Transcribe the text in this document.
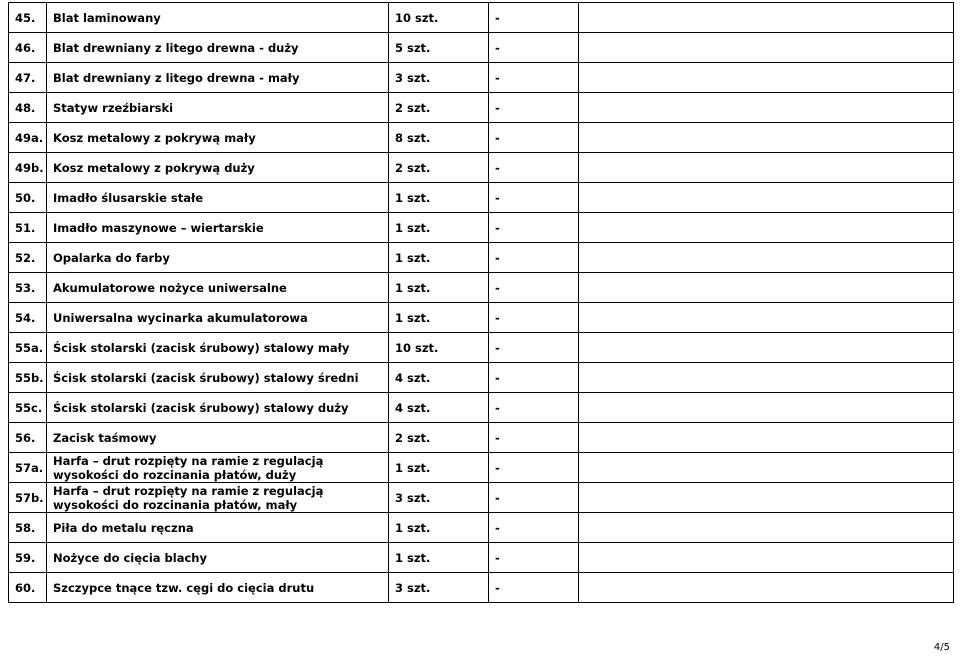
45.	Blat laminowany	10 szt.	-	
46.	Blat drewniany z litego drewna - duży	5 szt.	-	
47.	Blat drewniany z litego drewna - mały	3 szt.	-	
48.	Statyw rzeźbiarski	2 szt.	-	
49a.	Kosz metalowy z pokrywą mały	8 szt.	-	
49b.	Kosz metalowy z pokrywą duży	2 szt.	-	
50.	Imadło ślusarskie stałe	1 szt.	-	
51.	Imadło maszynowe – wiertarskie	1 szt.	-	
52.	Opalarka do farby	1 szt.	-	
53.	Akumulatorowe nożyce uniwersalne	1 szt.	-	
54.	Uniwersalna wycinarka akumulatorowa	1 szt.	-	
55a.	Ścisk stolarski (zacisk śrubowy) stalowy mały	10 szt.	-	
55b.	Ścisk stolarski (zacisk śrubowy) stalowy średni	4 szt.	-	
55c.	Ścisk stolarski (zacisk śrubowy) stalowy duży	4 szt.	-	
56.	Zacisk taśmowy	2 szt.	-	
57a.	Harfa – drut rozpięty na ramie z regulacją wysokości do rozcinania płatów, duży	1 szt.	-	
57b.	Harfa – drut rozpięty na ramie z regulacją wysokości do rozcinania płatów, mały	3 szt.	-	
58.	Piła do metalu ręczna	1 szt.	-	
59.	Nożyce do cięcia blachy	1 szt.	-	
60.	Szczypce tnące tzw. cęgi do cięcia drutu	3 szt.	-	
4/5
